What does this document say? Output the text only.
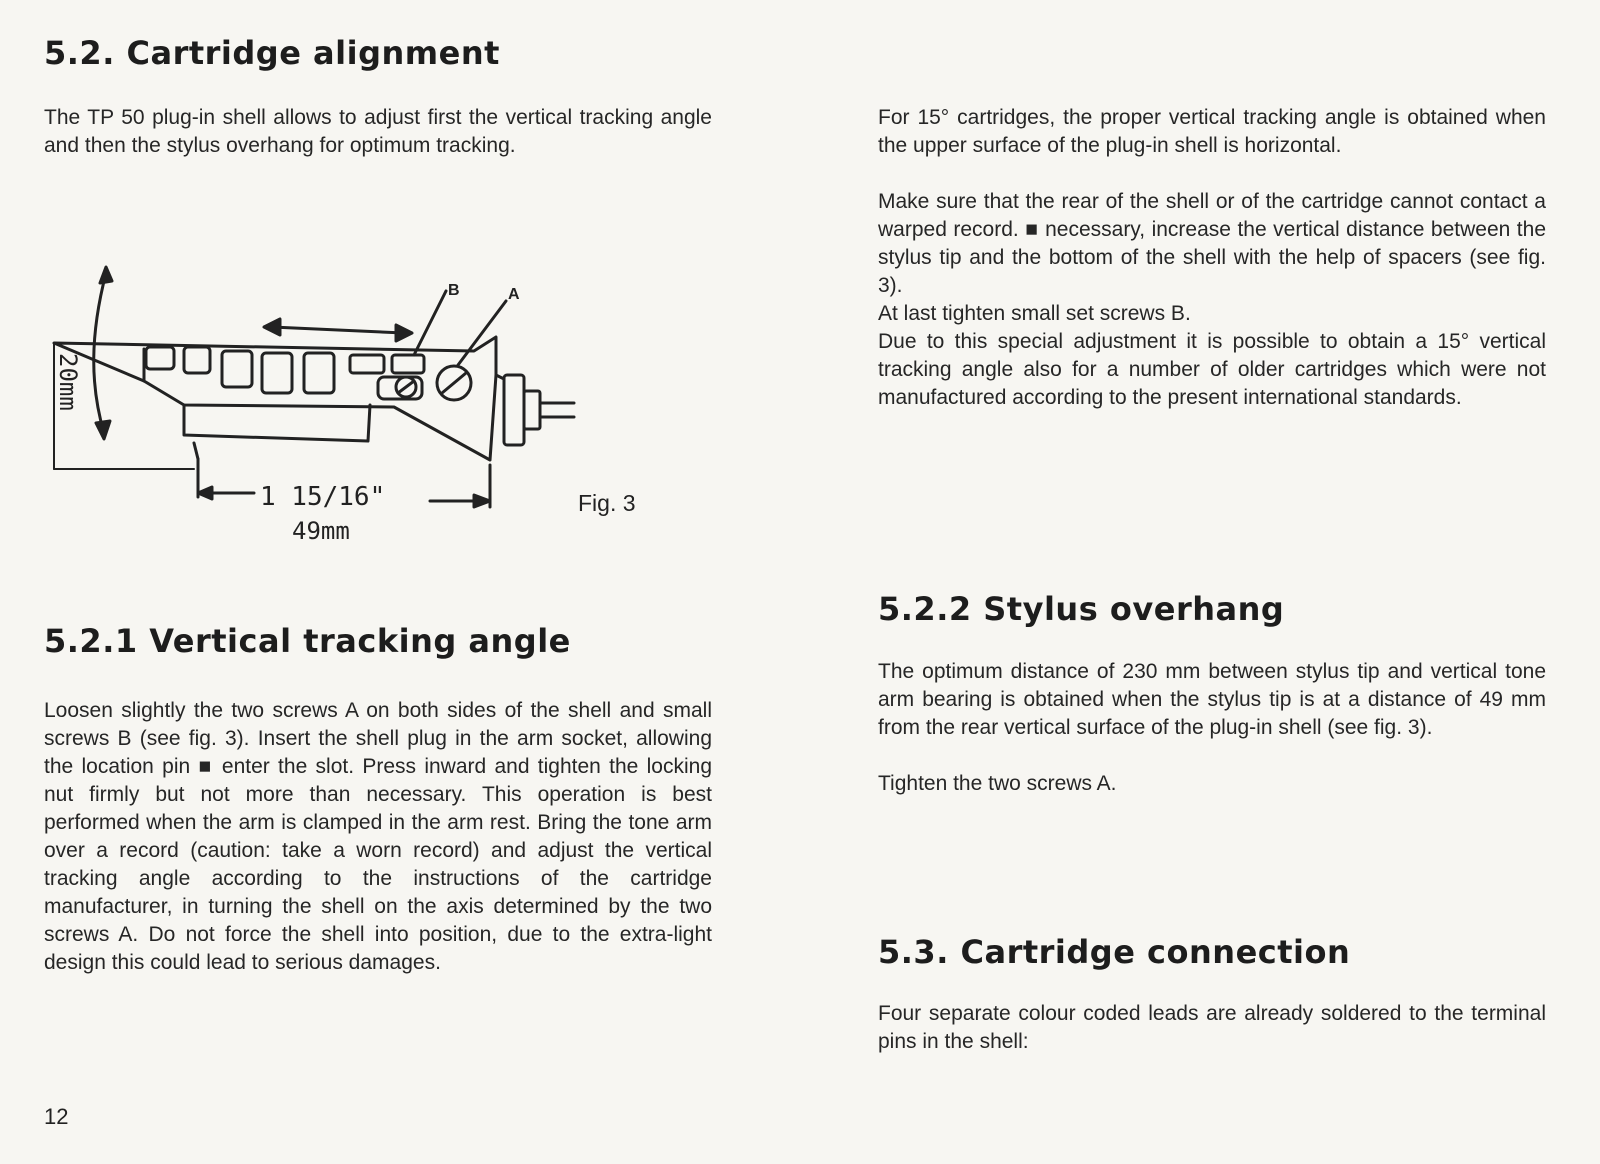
5.2. Cartridge alignment

The TP 50 plug-in shell allows to adjust first the vertical tracking angle and then the stylus overhang for optimum tracking.

B	A
20mm
1 15/16"
49mm
Fig. 3
5.2.1 Vertical tracking angle

Loosen slightly the two screws A on both sides of the shell and small screws B (see fig. 3). Insert the shell plug in the arm socket, allowing the location pin ■ enter the slot. Press inward and tighten the locking nut firmly but not more than necessary. This operation is best performed when the arm is clamped in the arm rest. Bring the tone arm over a record (caution: take a worn record) and adjust the vertical tracking angle according to the instructions of the cartridge manufacturer, in turning the shell on the axis determined by the two screws A. Do not force the shell into position, due to the extra-light design this could lead to serious damages.

12

For 15° cartridges, the proper vertical tracking angle is obtained when the upper surface of the plug-in shell is horizontal.

Make sure that the rear of the shell or of the cartridge cannot contact a warped record. ■ necessary, increase the vertical distance between the stylus tip and the bottom of the shell with the help of spacers (see fig. 3).

At last tighten small set screws B.

Due to this special adjustment it is possible to obtain a 15° vertical tracking angle also for a number of older cartridges which were not manufactured according to the present international standards.

5.2.2 Stylus overhang

The optimum distance of 230 mm between stylus tip and vertical tone arm bearing is obtained when the stylus tip is at a distance of 49 mm from the rear vertical surface of the plug-in shell (see fig. 3).

Tighten the two screws A.

5.3. Cartridge connection

Four separate colour coded leads are already soldered to the terminal pins in the shell:
